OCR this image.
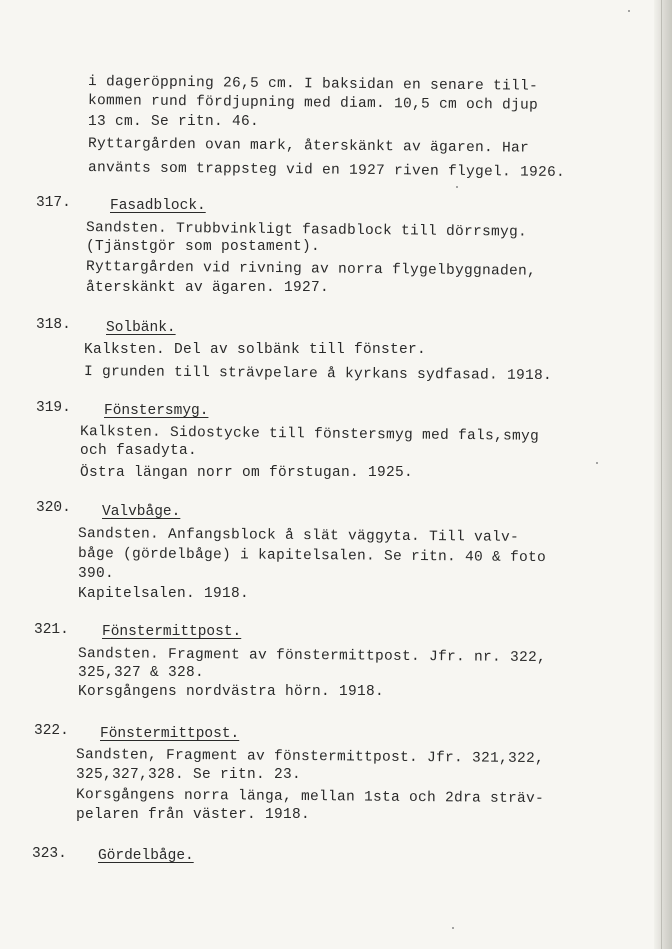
i dageröppning 26,5 cm. I baksidan en senare till-
kommen rund fördjupning med diam. 10,5 cm och djup
13 cm. Se ritn. 46.
Ryttargården ovan mark, återskänkt av ägaren. Har
använts som trappsteg vid en 1927 riven flygel. 1926.
317.	Fasadblock.
Sandsten. Trubbvinkligt fasadblock till dörrsmyg.
(Tjänstgör som postament).
Ryttargården vid rivning av norra flygelbyggnaden,
återskänkt av ägaren. 1927.
318. Solbänk.
Kalksten. Del av solbänk till fönster.
I grunden till strävpelare å kyrkans sydfasad. 1918.
319. Fönstersmyg.
Kalksten. Sidostycke till fönstersmyg med fals,smyg
och fasadyta.
Östra längan norr om förstugan. 1925.
320. Valvbåge.
Sandsten. Anfangsblock å slät väggyta. Till valv-
båge (gördelbåge) i kapitelsalen. Se ritn. 40 & foto
390.
Kapitelsalen. 1918.
321. Fönstermittpost.
Sandsten. Fragment av fönstermittpost. Jfr. nr. 322,
325,327 & 328.
Korsgångens nordvästra hörn. 1918.
322. Fönstermittpost.
Sandsten, Fragment av fönstermittpost. Jfr. 321,322,
325,327,328. Se ritn. 23.
Korsgångens norra länga, mellan 1sta och 2dra sträv-
pelaren från väster. 1918.
323. Gördelbåge.
